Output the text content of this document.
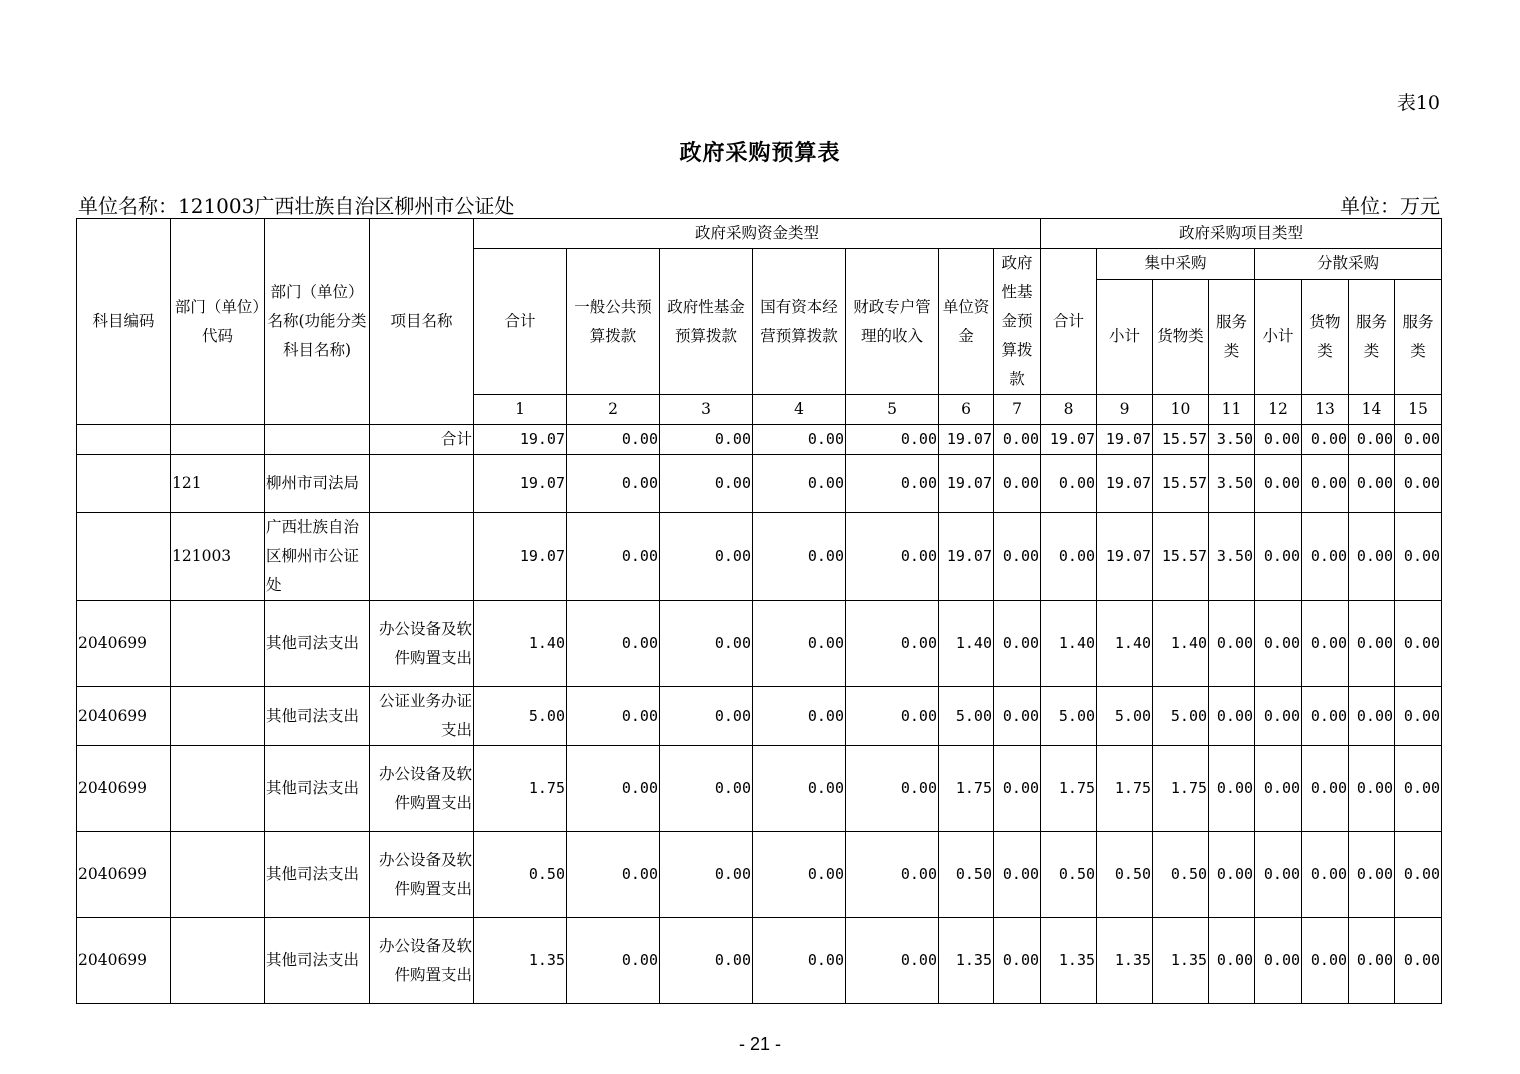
表10
政府采购预算表
单位名称：121003广西壮族自治区柳州市公证处	单位：万元
科目编码	部门（单位）代码	部门（单位）名称(功能分类科目名称)	项目名称	政府采购资金类型							政府采购项目类型							
				合计	一般公共预算拨款	政府性基金预算拨款	国有资本经营预算拨款	财政专户管理的收入	单位资金	政府性基金预算拨款	合计	集中采购			分散采购			
												小计	货物类	服务类	小计	货物类	服务类	服务类
				1	2	3	4	5	6	7	8	9	10	11	12	13	14	15
			合计	19.07	0.00	0.00	0.00	0.00	19.07	0.00	19.07	19.07	15.57	3.50	0.00	0.00	0.00	0.00
	121	柳州市司法局		19.07	0.00	0.00	0.00	0.00	19.07	0.00	0.00	19.07	15.57	3.50	0.00	0.00	0.00	0.00
	121003	广西壮族自治区柳州市公证处		19.07	0.00	0.00	0.00	0.00	19.07	0.00	0.00	19.07	15.57	3.50	0.00	0.00	0.00	0.00
2040699		其他司法支出	办公设备及软件购置支出	1.40	0.00	0.00	0.00	0.00	1.40	0.00	1.40	1.40	1.40	0.00	0.00	0.00	0.00	0.00
2040699		其他司法支出	公证业务办证支出	5.00	0.00	0.00	0.00	0.00	5.00	0.00	5.00	5.00	5.00	0.00	0.00	0.00	0.00	0.00
2040699		其他司法支出	办公设备及软件购置支出	1.75	0.00	0.00	0.00	0.00	1.75	0.00	1.75	1.75	1.75	0.00	0.00	0.00	0.00	0.00
2040699		其他司法支出	办公设备及软件购置支出	0.50	0.00	0.00	0.00	0.00	0.50	0.00	0.50	0.50	0.50	0.00	0.00	0.00	0.00	0.00
2040699		其他司法支出	办公设备及软件购置支出	1.35	0.00	0.00	0.00	0.00	1.35	0.00	1.35	1.35	1.35	0.00	0.00	0.00	0.00	0.00
- 21 -
